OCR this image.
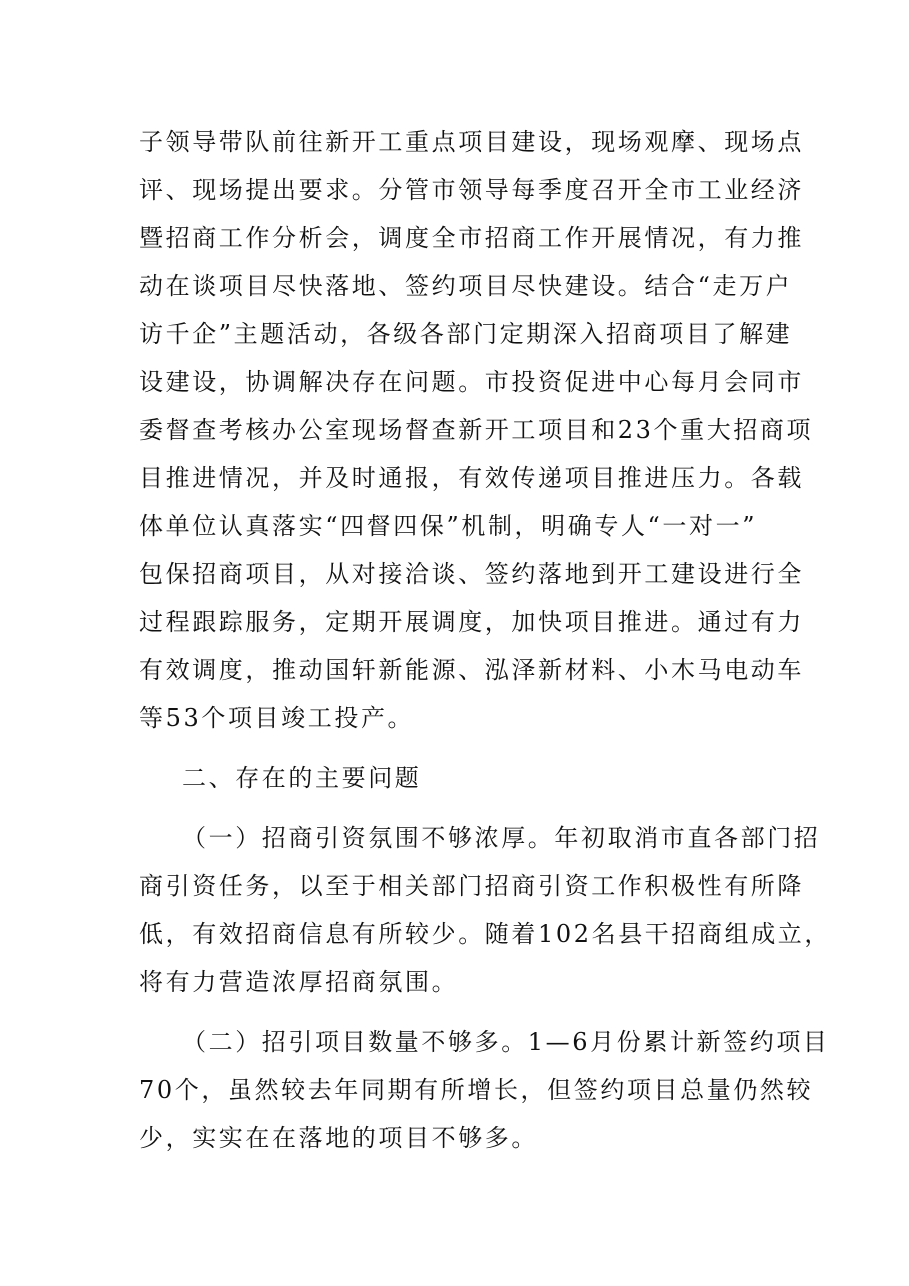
子领导带队前往新开工重点项目建设，现场观摩、现场点
评、现场提出要求。分管市领导每季度召开全市工业经济
暨招商工作分析会，调度全市招商工作开展情况，有力推
动在谈项目尽快落地、签约项目尽快建设。结合“走万户
访千企”主题活动，各级各部门定期深入招商项目了解建
设建设，协调解决存在问题。市投资促进中心每月会同市
委督查考核办公室现场督查新开工项目和23个重大招商项
目推进情况，并及时通报，有效传递项目推进压力。各载
体单位认真落实“四督四保”机制，明确专人“一对一”
包保招商项目，从对接洽谈、签约落地到开工建设进行全
过程跟踪服务，定期开展调度，加快项目推进。通过有力
有效调度，推动国轩新能源、泓泽新材料、小木马电动车
等53个项目竣工投产。
二、存在的主要问题
（一）招商引资氛围不够浓厚。年初取消市直各部门招
商引资任务，以至于相关部门招商引资工作积极性有所降
低，有效招商信息有所较少。随着102名县干招商组成立，
将有力营造浓厚招商氛围。
（二）招引项目数量不够多。1—6月份累计新签约项目
70个，虽然较去年同期有所增长，但签约项目总量仍然较
少，实实在在落地的项目不够多。
